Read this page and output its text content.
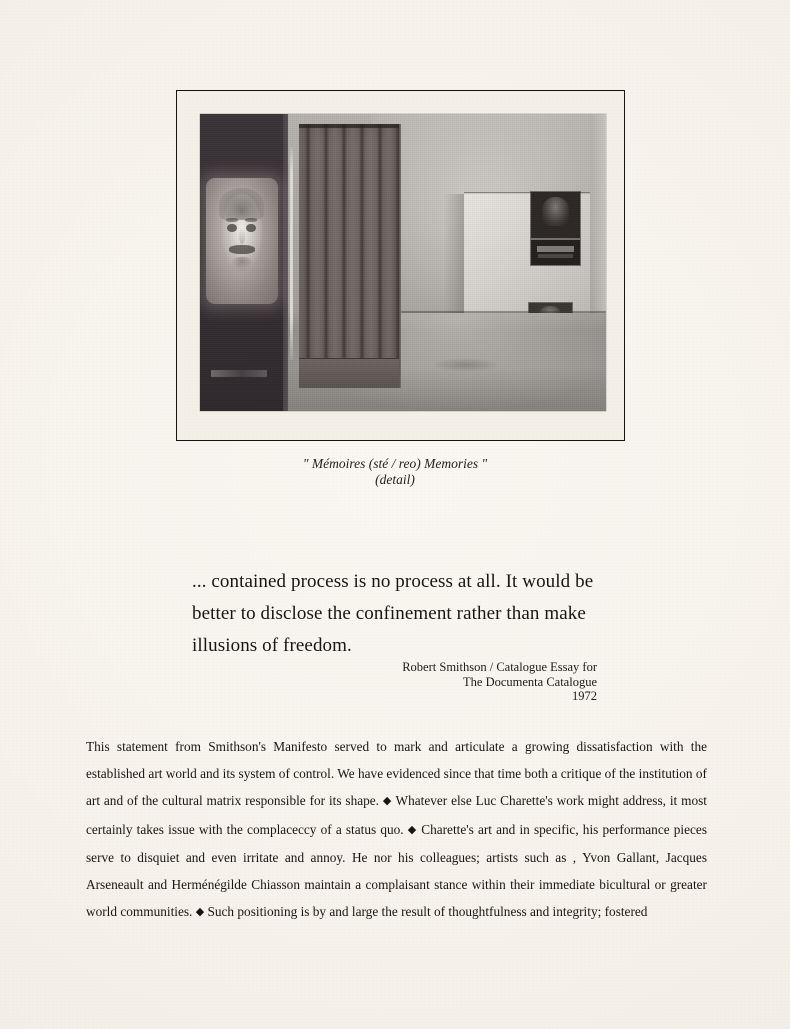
" Mémoires (sté / reo) Memories "
(detail)
... contained process is no process at all. It would be better to disclose the confinement rather than make illusions of freedom.
Robert Smithson / Catalogue Essay for
The Documenta Catalogue
1972

This statement from Smithson's Manifesto served to mark and articulate a growing dissatisfaction with the established art world and its system of control. We have evidenced since that time both a critique of the institution of art and of the cultural matrix responsible for its shape. ◆ Whatever else Luc Charette's work might address, it most certainly takes issue with the complaceccy of a status quo. ◆ Charette's art and in specific, his performance pieces serve to disquiet and even irritate and annoy. He nor his colleagues; artists such as , Yvon Gallant, Jacques Arseneault and Herménégilde Chiasson maintain a complaisant stance within their immediate bicultural or greater world communities. ◆ Such positioning is by and large the result of thoughtfulness and integrity; fostered
